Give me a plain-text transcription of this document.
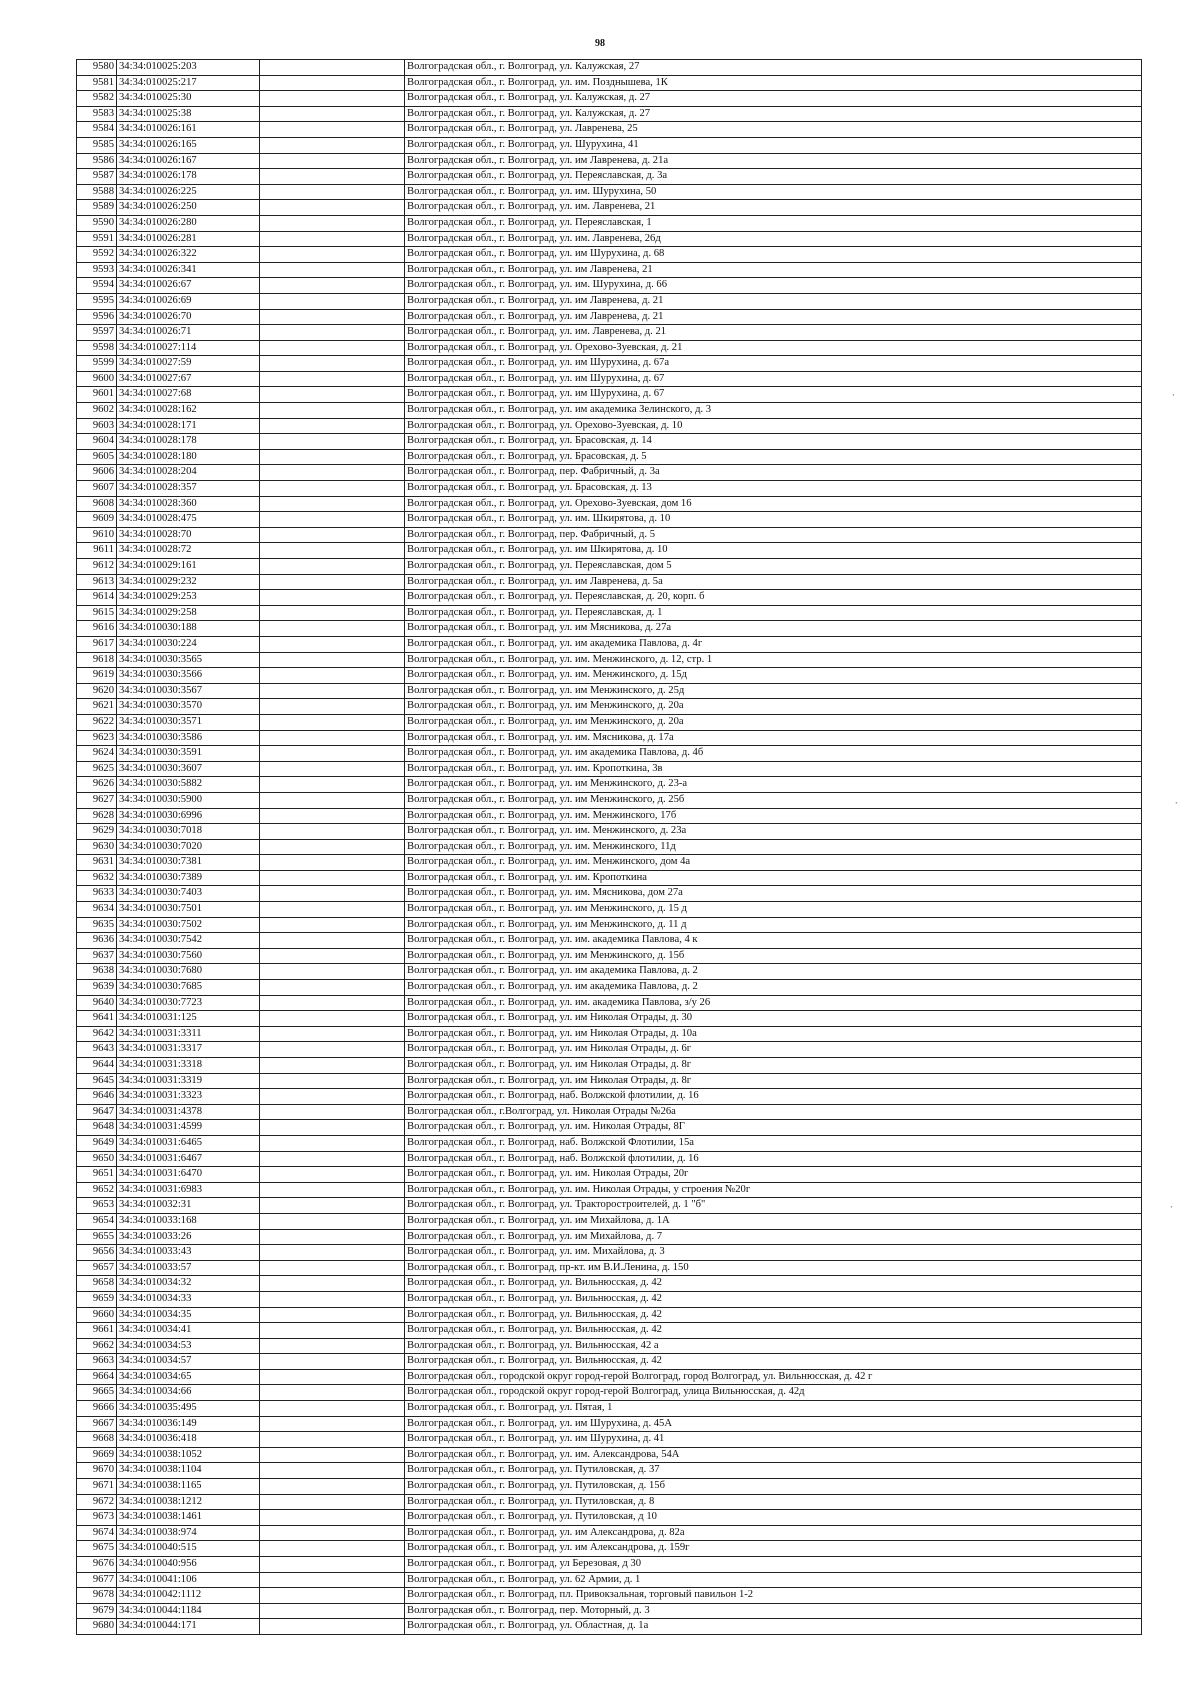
98
ꞏ
ꞏ
ꞏ
9580	34:34:010025:203		Волгоградская обл., г. Волгоград, ул. Калужская, 27
9581	34:34:010025:217		Волгоградская обл., г. Волгоград, ул. им. Позднышева, 1К
9582	34:34:010025:30		Волгоградская обл., г. Волгоград, ул. Калужская, д. 27
9583	34:34:010025:38		Волгоградская обл., г. Волгоград, ул. Калужская, д. 27
9584	34:34:010026:161		Волгоградская обл., г. Волгоград, ул. Лавренева, 25
9585	34:34:010026:165		Волгоградская обл., г. Волгоград, ул. Шурухина, 41
9586	34:34:010026:167		Волгоградская обл., г. Волгоград, ул. им Лавренева, д. 21а
9587	34:34:010026:178		Волгоградская обл., г. Волгоград, ул. Переяславская, д. 3а
9588	34:34:010026:225		Волгоградская обл., г. Волгоград, ул. им. Шурухина, 50
9589	34:34:010026:250		Волгоградская обл., г. Волгоград, ул. им. Лавренева, 21
9590	34:34:010026:280		Волгоградская обл., г. Волгоград, ул. Переяславская, 1
9591	34:34:010026:281		Волгоградская обл., г. Волгоград, ул. им. Лавренева, 26д
9592	34:34:010026:322		Волгоградская обл., г. Волгоград, ул. им Шурухина, д. 68
9593	34:34:010026:341		Волгоградская обл., г. Волгоград, ул. им Лавренева, 21
9594	34:34:010026:67		Волгоградская обл., г. Волгоград, ул. им. Шурухина, д. 66
9595	34:34:010026:69		Волгоградская обл., г. Волгоград, ул. им Лавренева, д. 21
9596	34:34:010026:70		Волгоградская обл., г. Волгоград, ул. им Лавренева, д. 21
9597	34:34:010026:71		Волгоградская обл., г. Волгоград, ул. им. Лавренева, д. 21
9598	34:34:010027:114		Волгоградская обл., г. Волгоград, ул. Орехово-Зуевская, д. 21
9599	34:34:010027:59		Волгоградская обл., г. Волгоград, ул. им Шурухина, д. 67а
9600	34:34:010027:67		Волгоградская обл., г. Волгоград, ул. им Шурухина, д. 67
9601	34:34:010027:68		Волгоградская обл., г. Волгоград, ул. им Шурухина, д. 67
9602	34:34:010028:162		Волгоградская обл., г. Волгоград, ул. им академика Зелинского, д. 3
9603	34:34:010028:171		Волгоградская обл., г. Волгоград, ул. Орехово-Зуевская, д. 10
9604	34:34:010028:178		Волгоградская обл., г. Волгоград, ул. Брасовская, д. 14
9605	34:34:010028:180		Волгоградская обл., г. Волгоград, ул. Брасовская, д. 5
9606	34:34:010028:204		Волгоградская обл., г. Волгоград, пер. Фабричный, д. 3а
9607	34:34:010028:357		Волгоградская обл., г. Волгоград, ул. Брасовская, д. 13
9608	34:34:010028:360		Волгоградская обл., г. Волгоград, ул. Орехово-Зуевская, дом 16
9609	34:34:010028:475		Волгоградская обл., г. Волгоград, ул. им. Шкирятова, д. 10
9610	34:34:010028:70		Волгоградская обл., г. Волгоград, пер. Фабричный, д. 5
9611	34:34:010028:72		Волгоградская обл., г. Волгоград, ул. им Шкирятова, д. 10
9612	34:34:010029:161		Волгоградская обл., г. Волгоград, ул. Переяславская, дом 5
9613	34:34:010029:232		Волгоградская обл., г. Волгоград, ул. им Лавренева, д. 5а
9614	34:34:010029:253		Волгоградская обл., г. Волгоград, ул. Переяславская, д. 20, корп. б
9615	34:34:010029:258		Волгоградская обл., г. Волгоград, ул. Переяславская, д. 1
9616	34:34:010030:188		Волгоградская обл., г. Волгоград, ул. им Мясникова, д. 27а
9617	34:34:010030:224		Волгоградская обл., г. Волгоград, ул. им академика Павлова, д. 4г
9618	34:34:010030:3565		Волгоградская обл., г. Волгоград, ул. им. Менжинского, д. 12, стр. 1
9619	34:34:010030:3566		Волгоградская обл., г. Волгоград, ул. им. Менжинского, д. 15д
9620	34:34:010030:3567		Волгоградская обл., г. Волгоград, ул. им Менжинского, д. 25д
9621	34:34:010030:3570		Волгоградская обл., г. Волгоград, ул. им Менжинского, д. 20а
9622	34:34:010030:3571		Волгоградская обл., г. Волгоград, ул. им Менжинского, д. 20а
9623	34:34:010030:3586		Волгоградская обл., г. Волгоград, ул. им. Мясникова, д. 17а
9624	34:34:010030:3591		Волгоградская обл., г. Волгоград, ул. им академика Павлова, д. 4б
9625	34:34:010030:3607		Волгоградская обл., г. Волгоград, ул. им. Кропоткина, 3в
9626	34:34:010030:5882		Волгоградская обл., г. Волгоград, ул. им Менжинского, д. 23-а
9627	34:34:010030:5900		Волгоградская обл., г. Волгоград, ул. им Менжинского, д. 25б
9628	34:34:010030:6996		Волгоградская обл., г. Волгоград, ул. им. Менжинского, 17б
9629	34:34:010030:7018		Волгоградская обл., г. Волгоград, ул. им. Менжинского, д. 23а
9630	34:34:010030:7020		Волгоградская обл., г. Волгоград, ул. им. Менжинского, 11д
9631	34:34:010030:7381		Волгоградская обл., г. Волгоград, ул. им. Менжинского, дом 4а
9632	34:34:010030:7389		Волгоградская обл., г. Волгоград, ул. им. Кропоткина
9633	34:34:010030:7403		Волгоградская обл., г. Волгоград, ул. им. Мясникова, дом 27а
9634	34:34:010030:7501		Волгоградская обл., г. Волгоград, ул. им Менжинского, д. 15 д
9635	34:34:010030:7502		Волгоградская обл., г. Волгоград, ул. им Менжинского, д. 11 д
9636	34:34:010030:7542		Волгоградская обл., г. Волгоград, ул. им. академика Павлова, 4 к
9637	34:34:010030:7560		Волгоградская обл., г. Волгоград, ул. им Менжинского, д. 15б
9638	34:34:010030:7680		Волгоградская обл., г. Волгоград, ул. им академика Павлова, д. 2
9639	34:34:010030:7685		Волгоградская обл., г. Волгоград, ул. им академика Павлова, д. 2
9640	34:34:010030:7723		Волгоградская обл., г. Волгоград, ул. им. академика Павлова, з/у 26
9641	34:34:010031:125		Волгоградская обл., г. Волгоград, ул. им Николая Отрады, д. 30
9642	34:34:010031:3311		Волгоградская обл., г. Волгоград, ул. им Николая Отрады, д. 10а
9643	34:34:010031:3317		Волгоградская обл., г. Волгоград, ул. им Николая Отрады, д. 6г
9644	34:34:010031:3318		Волгоградская обл., г. Волгоград, ул. им Николая Отрады, д. 8г
9645	34:34:010031:3319		Волгоградская обл., г. Волгоград, ул. им Николая Отрады, д. 8г
9646	34:34:010031:3323		Волгоградская обл., г. Волгоград, наб. Волжской флотилии, д. 16
9647	34:34:010031:4378		Волгоградская обл., г.Волгоград, ул. Николая Отрады №26а
9648	34:34:010031:4599		Волгоградская обл., г. Волгоград, ул. им. Николая Отрады, 8Г
9649	34:34:010031:6465		Волгоградская обл., г. Волгоград, наб. Волжской Флотилии, 15а
9650	34:34:010031:6467		Волгоградская обл., г. Волгоград, наб. Волжской флотилии, д. 16
9651	34:34:010031:6470		Волгоградская обл., г. Волгоград, ул. им. Николая Отрады, 20г
9652	34:34:010031:6983		Волгоградская обл., г. Волгоград, ул. им. Николая Отрады, у строения №20г
9653	34:34:010032:31		Волгоградская обл., г. Волгоград, ул. Тракторостроителей, д. 1 "б"
9654	34:34:010033:168		Волгоградская обл., г. Волгоград, ул. им Михайлова, д. 1А
9655	34:34:010033:26		Волгоградская обл., г. Волгоград, ул. им Михайлова, д. 7
9656	34:34:010033:43		Волгоградская обл., г. Волгоград, ул. им. Михайлова, д. 3
9657	34:34:010033:57		Волгоградская обл., г. Волгоград, пр-кт. им В.И.Ленина, д. 150
9658	34:34:010034:32		Волгоградская обл., г. Волгоград, ул. Вильнюсская, д. 42
9659	34:34:010034:33		Волгоградская обл., г. Волгоград, ул. Вильнюсская, д. 42
9660	34:34:010034:35		Волгоградская обл., г. Волгоград, ул. Вильнюсская, д. 42
9661	34:34:010034:41		Волгоградская обл., г. Волгоград, ул. Вильнюсская, д. 42
9662	34:34:010034:53		Волгоградская обл., г. Волгоград, ул. Вильнюсская, 42 а
9663	34:34:010034:57		Волгоградская обл., г. Волгоград, ул. Вильнюсская, д. 42
9664	34:34:010034:65		Волгоградская обл., городской округ город-герой Волгоград, город Волгоград, ул. Вильнюсская, д. 42 г
9665	34:34:010034:66		Волгоградская обл., городской округ город-герой Волгоград, улица Вильнюсская, д. 42д
9666	34:34:010035:495		Волгоградская обл., г. Волгоград, ул. Пятая, 1
9667	34:34:010036:149		Волгоградская обл., г. Волгоград, ул. им Шурухина, д. 45А
9668	34:34:010036:418		Волгоградская обл., г. Волгоград, ул. им Шурухина, д. 41
9669	34:34:010038:1052		Волгоградская обл., г. Волгоград, ул. им. Александрова, 54А
9670	34:34:010038:1104		Волгоградская обл., г. Волгоград, ул. Путиловская, д. 37
9671	34:34:010038:1165		Волгоградская обл., г. Волгоград, ул. Путиловская, д. 15б
9672	34:34:010038:1212		Волгоградская обл., г. Волгоград, ул. Путиловская, д. 8
9673	34:34:010038:1461		Волгоградская обл., г. Волгоград, ул. Путиловская, д 10
9674	34:34:010038:974		Волгоградская обл., г. Волгоград, ул. им Александрова, д. 82а
9675	34:34:010040:515		Волгоградская обл., г. Волгоград, ул. им Александрова, д. 159г
9676	34:34:010040:956		Волгоградская обл., г. Волгоград, ул Березовая, д 30
9677	34:34:010041:106		Волгоградская обл., г. Волгоград, ул. 62 Армии, д. 1
9678	34:34:010042:1112		Волгоградская обл., г. Волгоград, пл. Привокзальная, торговый павильон 1-2
9679	34:34:010044:1184		Волгоградская обл., г. Волгоград, пер. Моторный, д. 3
9680	34:34:010044:171		Волгоградская обл., г. Волгоград, ул. Областная, д. 1а
